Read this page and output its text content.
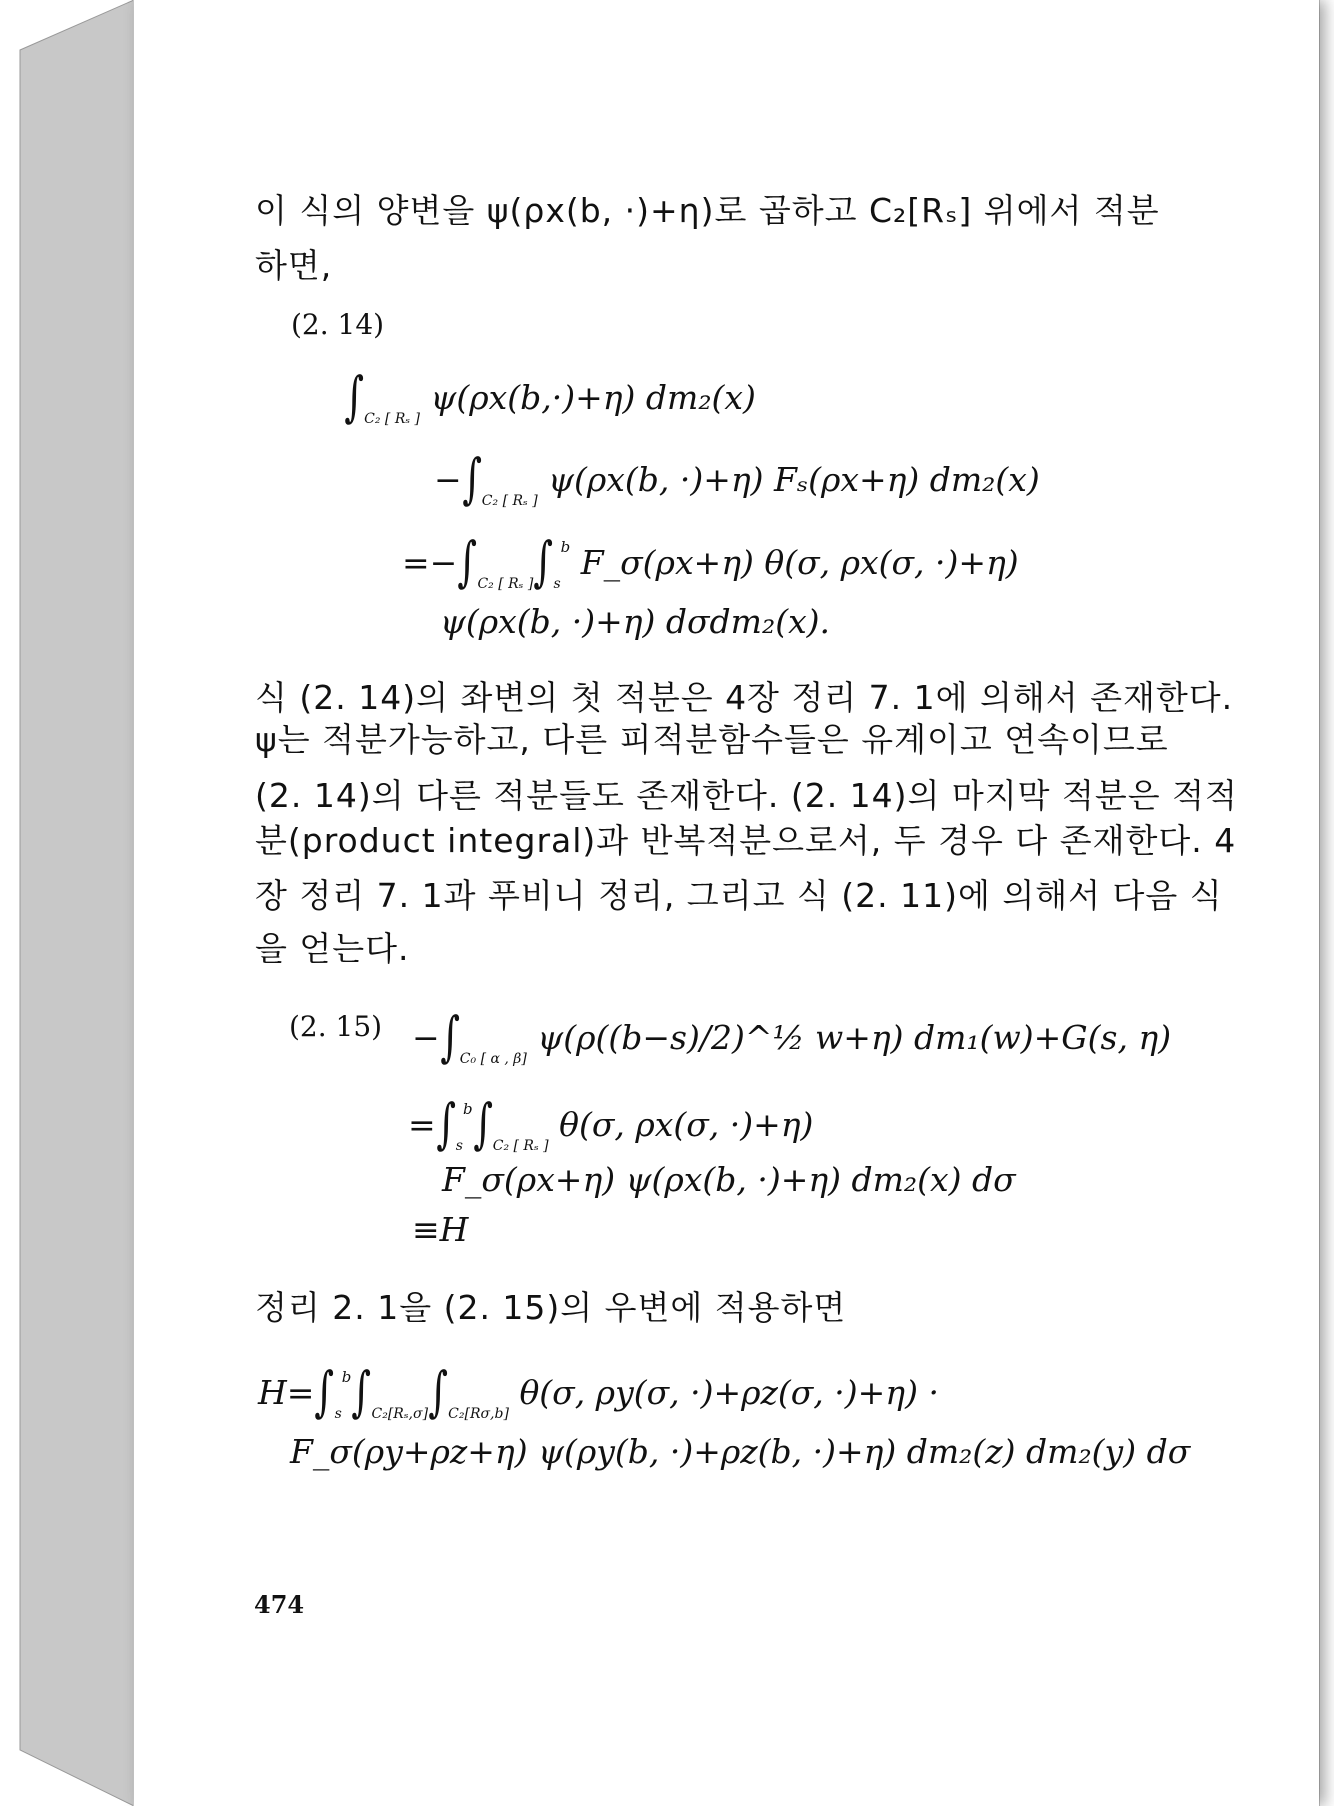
이 식의 양변을 ψ(ρx(b, ·)+η)로 곱하고 C₂[Rₛ] 위에서 적분
하면,
(2. 14)
$\int_{C_2 [ R_s ]}$ ψ(ρx(b,·)+η) dm₂(x)
$-\int_{C_2 [ R_s ]}$ ψ(ρx(b, ·)+η) Fₛ(ρx+η) dm₂(x)
$=-\int_{C_2 [ R_s ]}\int_s^b$ F_σ(ρx+η) θ(σ, ρx(σ, ·)+η)
ψ(ρx(b, ·)+η) dσdm₂(x).
식 (2. 14)의 좌변의 첫 적분은 4장 정리 7. 1에 의해서 존재한다.
ψ는 적분가능하고, 다른 피적분함수들은 유계이고 연속이므로
(2. 14)의 다른 적분들도 존재한다. (2. 14)의 마지막 적분은 적적
분(product integral)과 반복적분으로서, 두 경우 다 존재한다. 4
장 정리 7. 1과 푸비니 정리, 그리고 식 (2. 11)에 의해서 다음 식
을 얻는다.
(2. $15) -\int_{C_0 [ \alpha , \beta]}$ ψ(ρ((b−s)/2)^½ w+η) dm₁(w)+G(s, η)
$=\int_s^b\int_{C_2 [ R_s ]}$ θ(σ, ρx(σ, ·)+η)
F_σ(ρx+η) ψ(ρx(b, ·)+η) dm₂(x) dσ
≡H
정리 2. 1을 (2. 15)의 우변에 적용하면
$H=\int_s^b\int_{C_2[R_s,\sigma]}\int_{C_2[R\sigma,b]}$ θ(σ, ρy(σ, ·)+ρz(σ, ·)+η) ·
F_σ(ρy+ρz+η) ψ(ρy(b, ·)+ρz(b, ·)+η) dm₂(z) dm₂(y) dσ
474
